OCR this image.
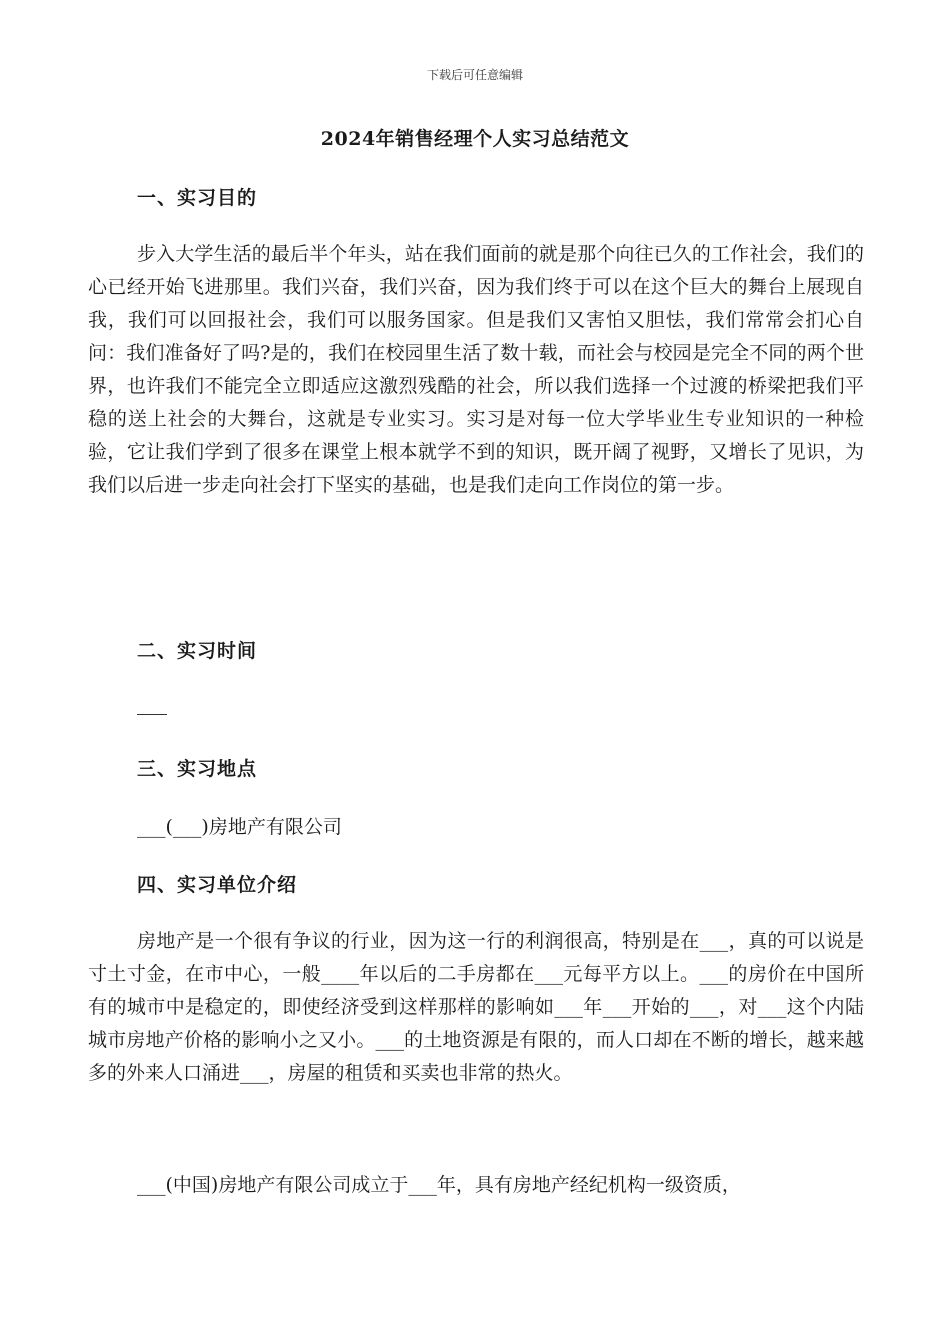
下载后可任意编辑
2024年销售经理个人实习总结范文
一、实习目的
步入大学生活的最后半个年头，站在我们面前的就是那个向往已久的工作社会，我们的心已经开始飞进那里。我们兴奋，我们兴奋，因为我们终于可以在这个巨大的舞台上展现自我，我们可以回报社会，我们可以服务国家。但是我们又害怕又胆怯，我们常常会扪心自问：我们准备好了吗?是的，我们在校园里生活了数十载，而社会与校园是完全不同的两个世界，也许我们不能完全立即适应这激烈残酷的社会，所以我们选择一个过渡的桥梁把我们平稳的送上社会的大舞台，这就是专业实习。实习是对每一位大学毕业生专业知识的一种检验，它让我们学到了很多在课堂上根本就学不到的知识，既开阔了视野，又增长了见识，为我们以后进一步走向社会打下坚实的基础，也是我们走向工作岗位的第一步。
二、实习时间
三、实习地点
___(___)房地产有限公司
四、实习单位介绍
房地产是一个很有争议的行业，因为这一行的利润很高，特别是在___，真的可以说是寸土寸金，在市中心，一般____年以后的二手房都在___元每平方以上。___的房价在中国所有的城市中是稳定的，即使经济受到这样那样的影响如___年___开始的___，对___这个内陆城市房地产价格的影响小之又小。___的土地资源是有限的，而人口却在不断的增长，越来越多的外来人口涌进___，房屋的租赁和买卖也非常的热火。
___(中国)房地产有限公司成立于___年，具有房地产经纪机构一级资质，
